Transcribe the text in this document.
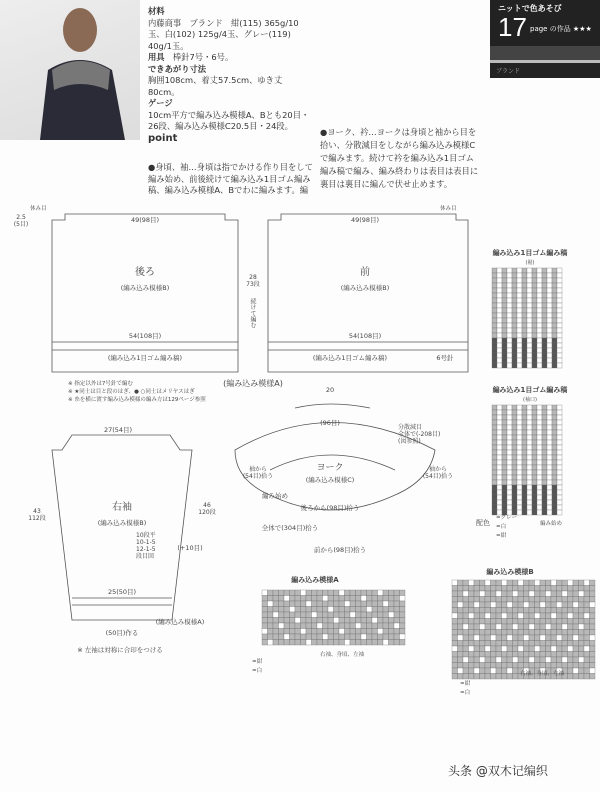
材料
内藤商事　ブランド　紺(115) 365g/10玉、白(102) 125g/4玉、グレー(119) 40g/1玉。
用具　 棒針7号・6号。
できあがり寸法
胸囲108cm、着丈57.5cm、ゆき丈80cm。
ゲージ
10cm平方で編み込み模様A、Bとも20目・26段、編み込み模様C20.5目・24段。
point
●身頃、袖…身頃は指でかける作り目をして編み始め、前後続けて編み込み1目ゴム編み稿、編み込み模様A、Bでわに編みます。編
●ヨーク、衿…ヨークは身頃と袖から目を拾い、分散減目をしながら編み込み模様Cで編みます。続けて衿を編み込み1目ゴム編み稿で編み、編み終わりは表目は表目に裏目は裏目に編んで伏せ止めます。
ニットで色あそび
17 page の作品 ★★★
ブランド
後ろ
(編み込み模様B)
49(98目)
54(108目)
(編み込み1目ゴム編み稿)
前
(編み込み模様B)
49(98目)
54(108目)
(編み込み1目ゴム編み稿)	6号針
(編み込み模様A)
27(54目)
右袖
(編み込み模様B)
25(50目)
(50目)作る
(編み込み模様A)
※ 左袖は対称に合印をつける
(+10目)
20
(96目)
ヨーク
(編み込み模様C)
全体で(304目)拾う
後ろから(98目)拾う
前から(98目)拾う
編み始め
※ 指定以外は7号針で編む
※ ★同士は目と段のはぎ、● ○同士はメリヤスはぎ
※ 糸を横に渡す編み込み模様の編み方は129ページ参照
休み目	休み目
編み込み1目ゴム編み稿
(裾)
編み込み1目ゴム編み稿
(袖口)
編み込み模様A
編み込み模様B
配色
=グレー
=白
=紺
=紺
=白
=紺
=白
右袖、身頃、左袖
右袖、身頃、左袖
編み始め
2.5
(5目)
28
73段
続けて編む
43
112段
46
120段
10段平
10-1-5
12-1-5
段目回
分散減目
全体で(-208目)
(図参照)
袖から
(54目)拾う
袖から
(54目)拾う
头条 @双木记编织
